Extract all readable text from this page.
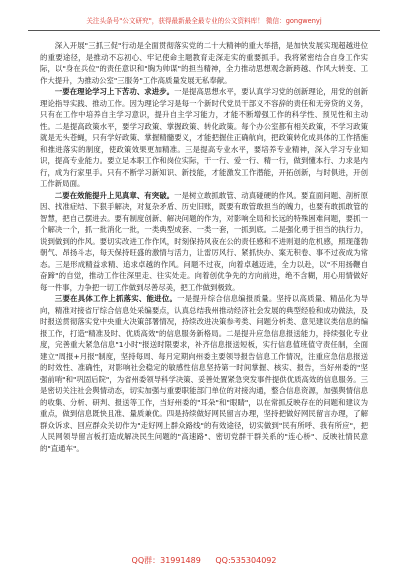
关注头条号"公文研究"，获得最新最全最专业的公文资料库！ 微信：gongwenyj

深入开展"三抓三促"行动是全面贯彻落实党的二十大精神的重大举措，是加快发展实现超越进位的重要途径，是推动不忘初心、牢记使命主题教育走深走实的重要抓手。我将紧密结合自身工作实际，以"身在兵位"的责任意识和"胸为帅谋"的担当精神，全力推动思想观念新跨越、作风大转变、工作大提升，为推动公室"三服务"工作高质量发展无私奉献。

一要在理论学习上下苦功、求进步。一是提高思想水平，要认真学习党的创新理论，用党的创新理论指导实践、推动工作。因为理论学习是每一个新时代党员干部义不容辞的责任和无旁贷的义务，只有在工作中培养自主学习意识，提升自主学习能力，才能不断增强工作的科学性、预见性和主动性。二是提高政策水平，要学习政策、掌握政策、转化政策。每个办公室都有相关政策，不学习政策就是无头苍蝇，只有学好政策、掌握精髓要义，才能把握住正确航向，把政策转化成具体的工作措施和推进落实的制度，使政策效果更加精准。三是提高专业水平，要培养专业精神，深入学习专业知识，提高专业能力。要立足本职工作和岗位实际，干一行、爱一行、精一行，做到懂本行、力求是内行，成为行家里手。只有不断学习新知识、新技能，才能激发工作潜能，开拓创新，与时俱进，开创工作新局面。

二要在效能提升上见真章、有突破。一是树立敢抓敢管、动真碰硬的作风。要直面问题、剖析原因、找准症结、下狠手解决，对复杂矛盾、历史旧账，既要有敢管敢担当的魄力，也要有敢抓敢管的智慧，把自己摆进去。要有制度创新、解决问题的作为，对影响全局和长远的特殊困难问题，要抓一个解决一个，抓一批消化一批，一类典型成套、一类一套，一抓到底。二是强化勇于担当的执行力，说到做到的作风。要切实改进工作作风，时刻保持风夜在公的责任感和不进则退的危机感，照现蓬勃朝气、昂扬斗志，每天保持旺盛的激情与活力，让雷厉风行、紧抓快办、案无积卷、事不过夜成为常态。三是形成精益求精、追求卓越的作风。问题不过夜，向着卓越迈进，全力以赴，以"不用扬鞭自奋蹄"的自觉，推动工作往深里走、往实处走。向着创优争先的方向前进，绝不含糊，用心用情做好每一件事，力争把一切工作做到尽善尽美，把工作做到极致。

三要在具体工作上抓落实、能进位。一是提升综合信息编报质量。坚持以高质量、精品化为导向，精准对接省厅综合信息处采编要点，认真总结我州推动经济社会发展的典型经验和成功做法，及时报送贯彻落实党中央重大决策部署情况，持续改进决策参考类、问题分析类、意见建议类信息的编报工作，打造"精准及时、优质高效"的信息服务新格局。二是提升应急信息报送能力，持续强化专业度，完善重大紧急信息"1小时"报送时限要求，补齐信息报送短板，实行信息值班值守责任制，全面建立"周报+月报"制度，坚持每周、每月定期向州委主要领导报告信息工作情况，注重应急信息报送的时效性、准确性，对影响社会稳定的敏感性信息坚持第一时间掌握、核实、报告，当好州委的"坚强前哨"和"巩固后院"，为省州委领导科学决策、妥善处置紧急突发事件提供优质高效的信息服务。三是密切关注社会舆情动态，切实加强与重要职能部门单位的对接沟通，整合信息资源，加强舆情信息的收集、分析、研判、报送等工作，当好州委的"耳朵"和"眼睛"，以在常抓反映存在的问题和建议为重点，做到信息既快且准、量质兼优。四是持续做好网民留言办理，坚持把做好网民留言办理，了解群众诉求、回应群众关切作为"走好网上群众路线"的有效途径，切实做到"民有所呼、我有所应"，把人民网领导留言板打造成解决民生问题的"高速路"、密切党群干群关系的"连心桥"、反映社情民意的"直通车"。

QQ群：31991489 QQ:535304092
